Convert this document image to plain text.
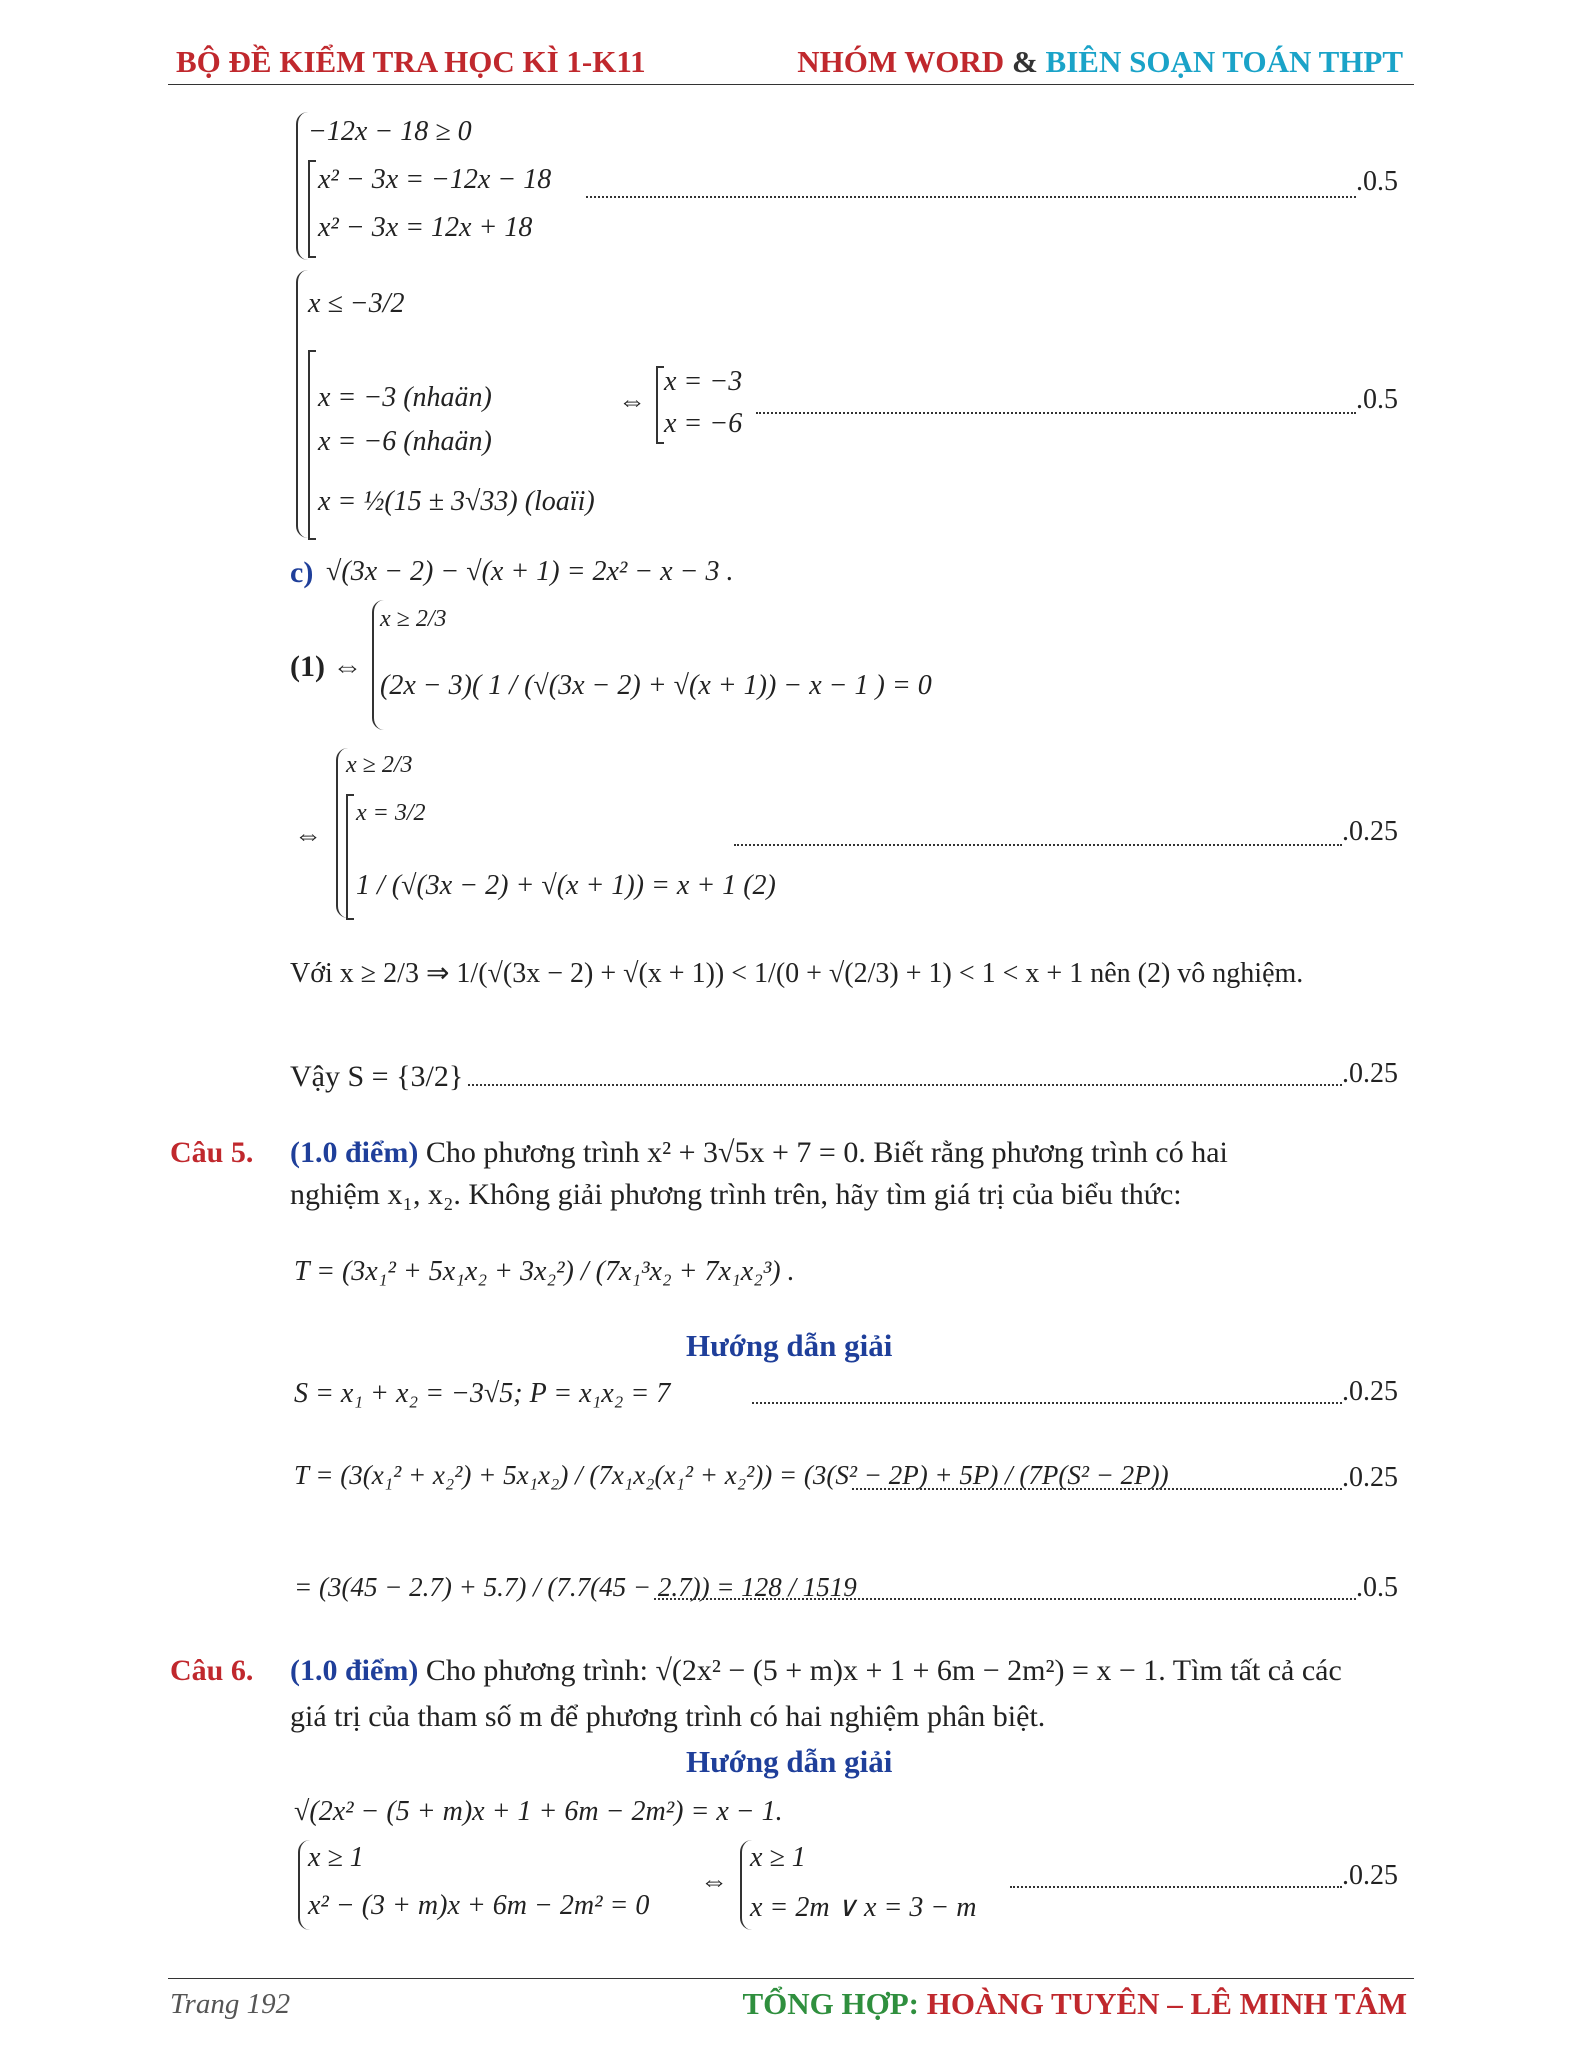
BỘ ĐỀ KIỂM TRA HỌC KÌ 1-K11	NHÓM WORD & BIÊN SOẠN TOÁN THPT
−12x − 18 ≥ 0
x² − 3x = −12x − 18
x² − 3x = 12x + 18
.0.5
x ≤ −3/2
x = −3 (nhaän)
x = −6 (nhaän)
x = ½(15 ± 3√33) (loaïi)
⇔
x = −3
x = −6
.0.5
c) √(3x − 2) − √(x + 1) = 2x² − x − 3 .
(1) ⇔
x ≥ 2/3
(2x − 3)( 1 / (√(3x − 2) + √(x + 1)) − x − 1 ) = 0
⇔
x ≥ 2/3
x = 3/2
1 / (√(3x − 2) + √(x + 1)) = x + 1 (2)
.0.25
Với x ≥ 2/3 ⇒ 1/(√(3x − 2) + √(x + 1)) < 1/(0 + √(2/3) + 1) < 1 < x + 1 nên (2) vô nghiệm.
Vậy S = {3/2}	.0.25
Câu 5. (1.0 điểm) Cho phương trình x² + 3√5x + 7 = 0. Biết rằng phương trình có hai
nghiệm x₁, x₂. Không giải phương trình trên, hãy tìm giá trị của biểu thức:
T = (3x₁² + 5x₁x₂ + 3x₂²) / (7x₁³x₂ + 7x₁x₂³) .
Hướng dẫn giải
S = x₁ + x₂ = −3√5; P = x₁x₂ = 7	.0.25
T = (3(x₁² + x₂²) + 5x₁x₂) / (7x₁x₂(x₁² + x₂²)) = (3(S² − 2P) + 5P) / (7P(S² − 2P))	.0.25
= (3(45 − 2.7) + 5.7) / (7.7(45 − 2.7)) = 128 / 1519	.0.5
Câu 6. (1.0 điểm) Cho phương trình: √(2x² − (5 + m)x + 1 + 6m − 2m²) = x − 1. Tìm tất cả các
giá trị của tham số m để phương trình có hai nghiệm phân biệt.
Hướng dẫn giải
√(2x² − (5 + m)x + 1 + 6m − 2m²) = x − 1.
x ≥ 1
x² − (3 + m)x + 6m − 2m² = 0
⇔
x ≥ 1
x = 2m ∨ x = 3 − m
.0.25
Trang 192	TỔNG HỢP: HOÀNG TUYÊN – LÊ MINH TÂM
